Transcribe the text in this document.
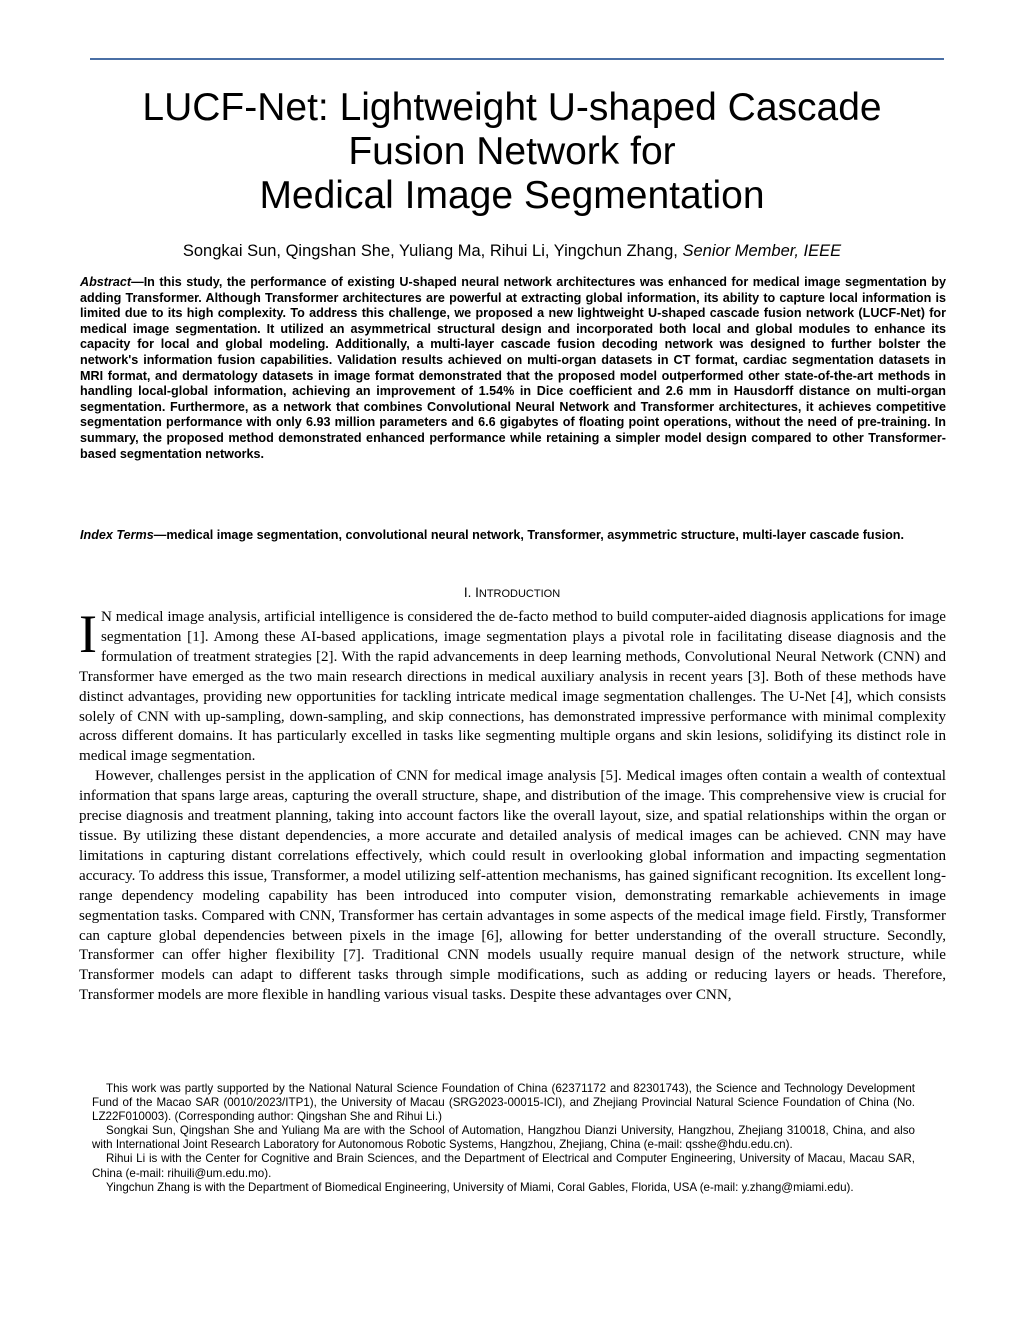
LUCF-Net: Lightweight U-shaped Cascade
Fusion Network for
Medical Image Segmentation
Songkai Sun, Qingshan She, Yuliang Ma, Rihui Li, Yingchun Zhang, Senior Member, IEEE

Abstract—In this study, the performance of existing U-shaped neural network architectures was enhanced for medical image segmentation by adding Transformer. Although Transformer architectures are powerful at extracting global information, its ability to capture local information is limited due to its high complexity. To address this challenge, we proposed a new lightweight U-shaped cascade fusion network (LUCF-Net) for medical image segmentation. It utilized an asymmetrical structural design and incorporated both local and global modules to enhance its capacity for local and global modeling. Additionally, a multi-layer cascade fusion decoding network was designed to further bolster the network's information fusion capabilities. Validation results achieved on multi-organ datasets in CT format, cardiac segmentation datasets in MRI format, and dermatology datasets in image format demonstrated that the proposed model outperformed other state-of-the-art methods in handling local-global information, achieving an improvement of 1.54% in Dice coefficient and 2.6 mm in Hausdorff distance on multi-organ segmentation. Furthermore, as a network that combines Convolutional Neural Network and Transformer architectures, it achieves competitive segmentation performance with only 6.93 million parameters and 6.6 gigabytes of floating point operations, without the need of pre-training. In summary, the proposed method demonstrated enhanced performance while retaining a simpler model design compared to other Transformer-based segmentation networks.

Index Terms—medical image segmentation, convolutional neural network, Transformer, asymmetric structure, multi-layer cascade fusion.

I. INTRODUCTION

I N medical image analysis, artificial intelligence is considered the de-facto method to build computer-aided diagnosis applications for image segmentation [1]. Among these AI-based applications, image segmentation plays a pivotal role in facilitating disease diagnosis and the formulation of treatment strategies [2]. With the rapid advancements in deep learning methods, Convolutional Neural Network (CNN) and Transformer have emerged as the two main research directions in medical auxiliary analysis in recent years [3]. Both of these methods have distinct advantages, providing new opportunities for tackling intricate medical image segmentation challenges. The U-Net [4], which consists solely of CNN with up-sampling, down-sampling, and skip connections, has demonstrated impressive performance with minimal complexity across different domains. It has particularly excelled in tasks like segmenting multiple organs and skin lesions, solidifying its distinct role in medical image segmentation.

However, challenges persist in the application of CNN for medical image analysis [5]. Medical images often contain a wealth of contextual information that spans large areas, capturing the overall structure, shape, and distribution of the image. This comprehensive view is crucial for precise diagnosis and treatment planning, taking into account factors like the overall layout, size, and spatial relationships within the organ or tissue. By utilizing these distant dependencies, a more accurate and detailed analysis of medical images can be achieved. CNN may have limitations in capturing distant correlations effectively, which could result in overlooking global information and impacting segmentation accuracy. To address this issue, Transformer, a model utilizing self-attention mechanisms, has gained significant recognition. Its excellent long-range dependency modeling capability has been introduced into computer vision, demonstrating remarkable achievements in image segmentation tasks. Compared with CNN, Transformer has certain advantages in some aspects of the medical image field. Firstly, Transformer can capture global dependencies between pixels in the image [6], allowing for better understanding of the overall structure. Secondly, Transformer can offer higher flexibility [7]. Traditional CNN models usually require manual design of the network structure, while Transformer models can adapt to different tasks through simple modifications, such as adding or reducing layers or heads. Therefore, Transformer models are more flexible in handling various visual tasks. Despite these advantages over CNN,

This work was partly supported by the National Natural Science Foundation of China (62371172 and 82301743), the Science and Technology Development Fund of the Macao SAR (0010/2023/ITP1), the University of Macau (SRG2023-00015-ICI), and Zhejiang Provincial Natural Science Foundation of China (No. LZ22F010003). (Corresponding author: Qingshan She and Rihui Li.)

Songkai Sun, Qingshan She and Yuliang Ma are with the School of Automation, Hangzhou Dianzi University, Hangzhou, Zhejiang 310018, China, and also with International Joint Research Laboratory for Autonomous Robotic Systems, Hangzhou, Zhejiang, China (e-mail: qsshe@hdu.edu.cn).

Rihui Li is with the Center for Cognitive and Brain Sciences, and the Department of Electrical and Computer Engineering, University of Macau, Macau SAR, China (e-mail: rihuili@um.edu.mo).

Yingchun Zhang is with the Department of Biomedical Engineering, University of Miami, Coral Gables, Florida, USA (e-mail: y.zhang@miami.edu).
